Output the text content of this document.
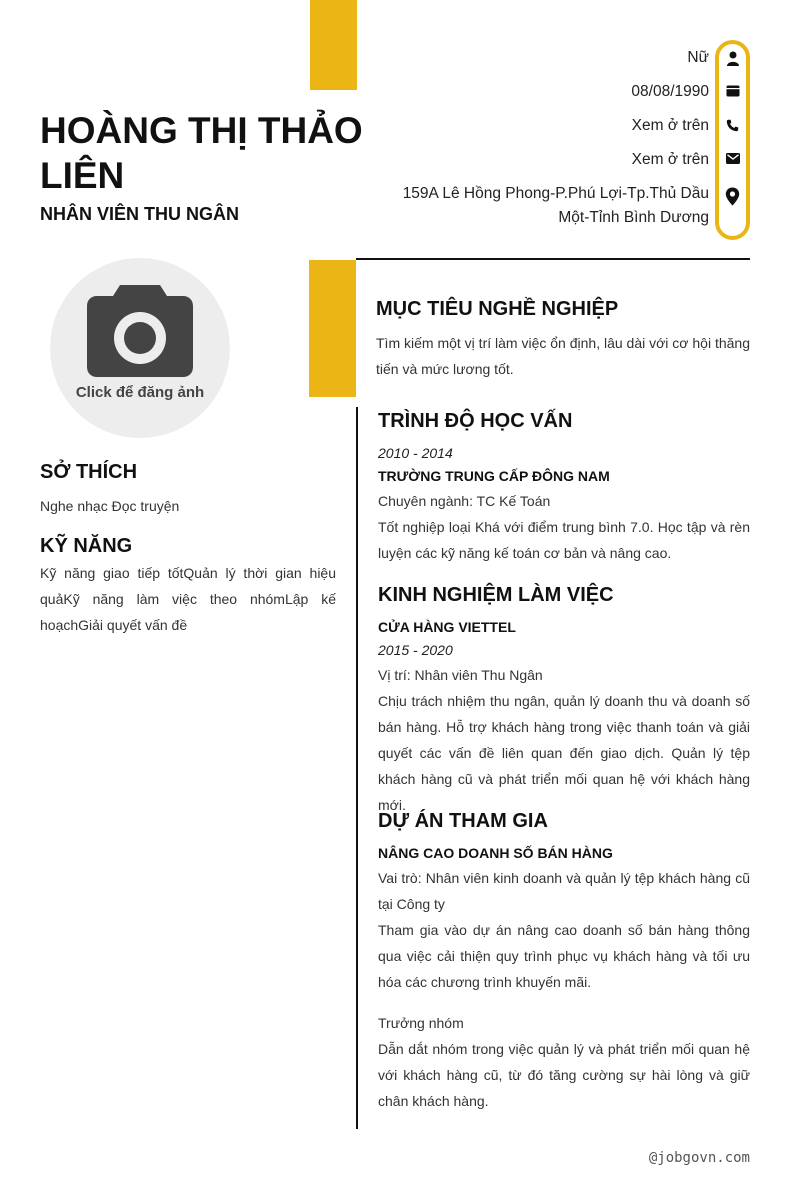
HOÀNG THỊ THẢO LIÊN
NHÂN VIÊN THU NGÂN
Nữ
08/08/1990
Xem ở trên
Xem ở trên
159A Lê Hồng Phong-P.Phú Lợi-Tp.Thủ Dầu Một-Tỉnh Bình Dương
Click để đăng ảnh
SỞ THÍCH
Nghe nhạc Đọc truyện
KỸ NĂNG
Kỹ năng giao tiếp tốtQuản lý thời gian hiệu quảKỹ năng làm việc theo nhómLập kế hoạchGiải quyết vấn đề
MỤC TIÊU NGHỀ NGHIỆP
Tìm kiếm một vị trí làm việc ổn định, lâu dài với cơ hội thăng tiến và mức lương tốt.
TRÌNH ĐỘ HỌC VẤN
2010 - 2014
TRƯỜNG TRUNG CẤP ĐÔNG NAM
Chuyên ngành: TC Kế Toán
Tốt nghiệp loại Khá với điểm trung bình 7.0. Học tập và rèn luyện các kỹ năng kế toán cơ bản và nâng cao.
KINH NGHIỆM LÀM VIỆC
CỬA HÀNG VIETTEL
2015 - 2020
Vị trí: Nhân viên Thu Ngân
Chịu trách nhiệm thu ngân, quản lý doanh thu và doanh số bán hàng. Hỗ trợ khách hàng trong việc thanh toán và giải quyết các vấn đề liên quan đến giao dịch. Quản lý tệp khách hàng cũ và phát triển mối quan hệ với khách hàng mới.
DỰ ÁN THAM GIA
NÂNG CAO DOANH SỐ BÁN HÀNG
Vai trò: Nhân viên kinh doanh và quản lý tệp khách hàng cũ tại Công ty
Tham gia vào dự án nâng cao doanh số bán hàng thông qua việc cải thiện quy trình phục vụ khách hàng và tối ưu hóa các chương trình khuyến mãi.
Trưởng nhóm
Dẫn dắt nhóm trong việc quản lý và phát triển mối quan hệ với khách hàng cũ, từ đó tăng cường sự hài lòng và giữ chân khách hàng.
@jobgovn.com
